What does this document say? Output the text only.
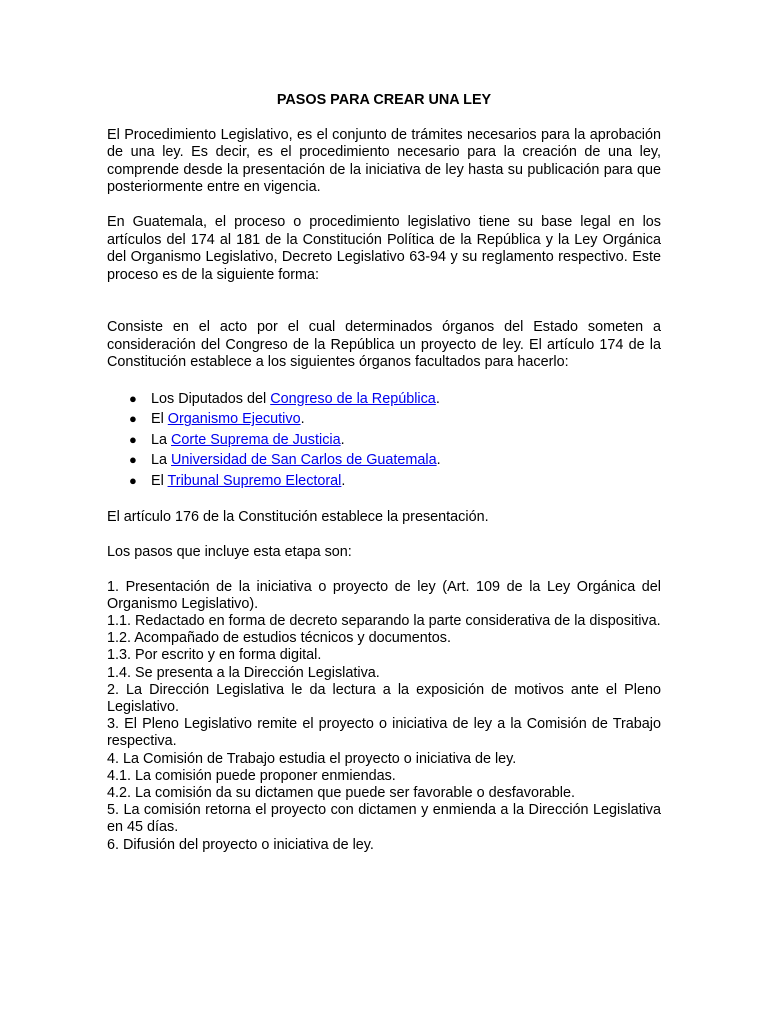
PASOS PARA CREAR UNA LEY

El Procedimiento Legislativo, es el conjunto de trámites necesarios para la aprobación de una ley. Es decir, es el procedimiento necesario para la creación de una ley, comprende desde la presentación de la iniciativa de ley hasta su publicación para que posteriormente entre en vigencia.

En Guatemala, el proceso o procedimiento legislativo tiene su base legal en los artículos del 174 al 181 de la Constitución Política de la República y la Ley Orgánica del Organismo Legislativo, Decreto Legislativo 63-94 y su reglamento respectivo. Este proceso es de la siguiente forma:

Consiste en el acto por el cual determinados órganos del Estado someten a consideración del Congreso de la República un proyecto de ley. El artículo 174 de la Constitución establece a los siguientes órganos facultados para hacerlo:

● Los Diputados del Congreso de la República.
● El Organismo Ejecutivo.
● La Corte Suprema de Justicia.
● La Universidad de San Carlos de Guatemala.
● El Tribunal Supremo Electoral.

El artículo 176 de la Constitución establece la presentación.

Los pasos que incluye esta etapa son:

1. Presentación de la iniciativa o proyecto de ley (Art. 109 de la Ley Orgánica del Organismo Legislativo).

1.1. Redactado en forma de decreto separando la parte considerativa de la dispositiva.

1.2. Acompañado de estudios técnicos y documentos.

1.3. Por escrito y en forma digital.

1.4. Se presenta a la Dirección Legislativa.

2. La Dirección Legislativa le da lectura a la exposición de motivos ante el Pleno Legislativo.

3. El Pleno Legislativo remite el proyecto o iniciativa de ley a la Comisión de Trabajo respectiva.

4. La Comisión de Trabajo estudia el proyecto o iniciativa de ley.

4.1. La comisión puede proponer enmiendas.

4.2. La comisión da su dictamen que puede ser favorable o desfavorable.

5. La comisión retorna el proyecto con dictamen y enmienda a la Dirección Legislativa en 45 días.

6. Difusión del proyecto o iniciativa de ley.
